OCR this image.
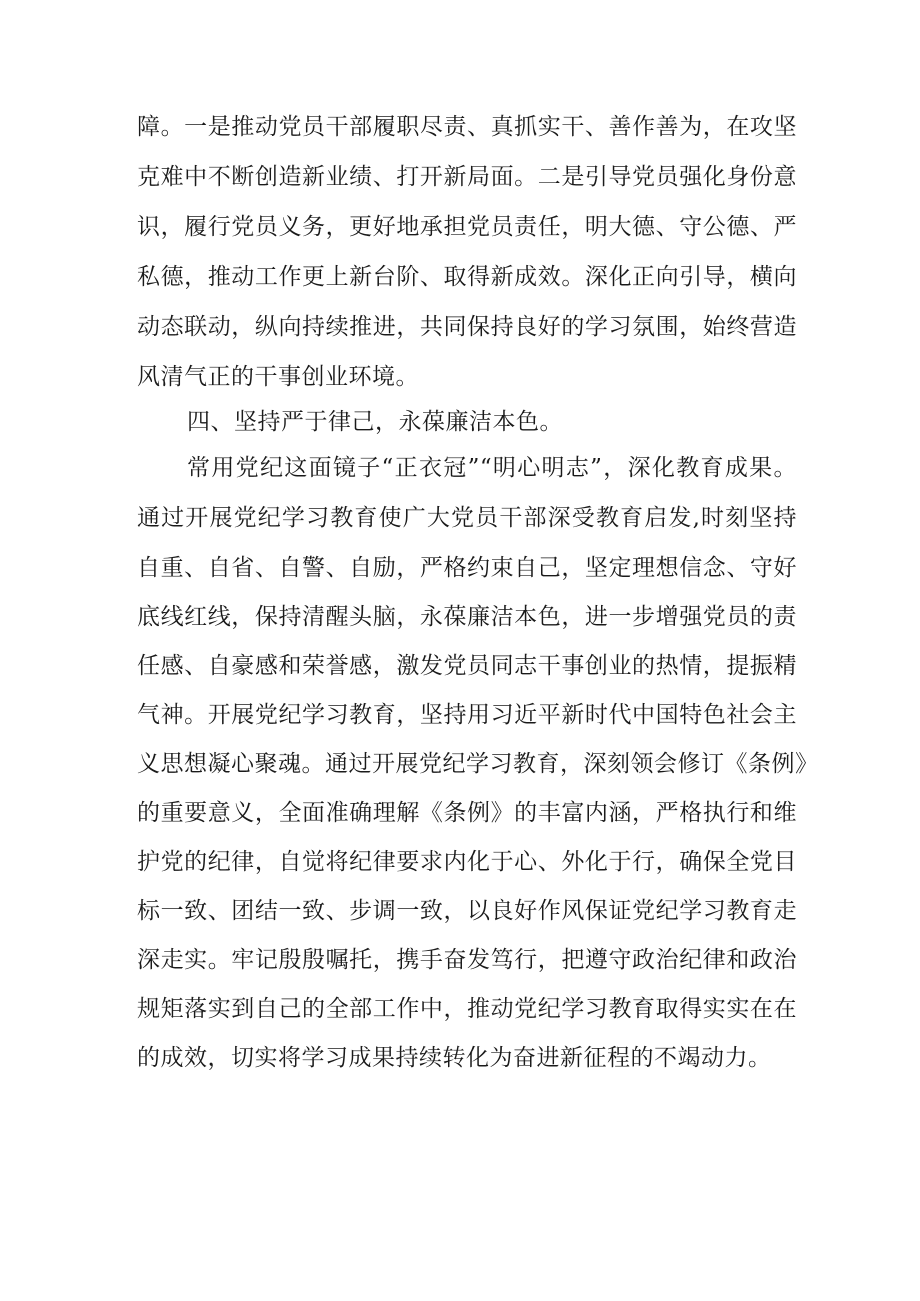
障。一是推动党员干部履职尽责、真抓实干、善作善为，在攻坚
克难中不断创造新业绩、打开新局面。二是引导党员强化身份意
识，履行党员义务，更好地承担党员责任，明大德、守公德、严
私德，推动工作更上新台阶、取得新成效。深化正向引导，横向
动态联动，纵向持续推进，共同保持良好的学习氛围，始终营造
风清气正的干事创业环境。
四、坚持严于律己，永葆廉洁本色。
常用党纪这面镜子“正衣冠”“明心明志”，深化教育成果。
通过开展党纪学习教育使广大党员干部深受教育启发,时刻坚持
自重、自省、自警、自励，严格约束自己，坚定理想信念、守好
底线红线，保持清醒头脑，永葆廉洁本色，进一步增强党员的责
任感、自豪感和荣誉感，激发党员同志干事创业的热情，提振精
气神。开展党纪学习教育，坚持用习近平新时代中国特色社会主
义思想凝心聚魂。通过开展党纪学习教育，深刻领会修订《条例》
的重要意义，全面准确理解《条例》的丰富内涵，严格执行和维
护党的纪律，自觉将纪律要求内化于心、外化于行，确保全党目
标一致、团结一致、步调一致，以良好作风保证党纪学习教育走
深走实。牢记殷殷嘱托，携手奋发笃行，把遵守政治纪律和政治
规矩落实到自己的全部工作中，推动党纪学习教育取得实实在在
的成效，切实将学习成果持续转化为奋进新征程的不竭动力。
